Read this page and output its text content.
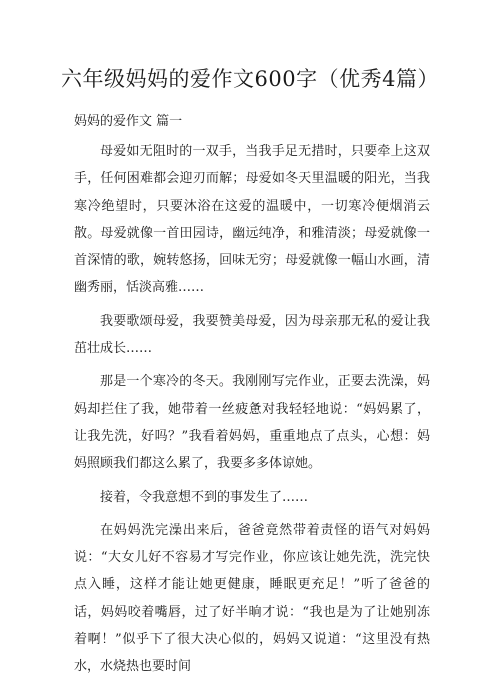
六年级妈妈的爱作文600字（优秀4篇）

妈妈的爱作文 篇一

母爱如无阻时的一双手，当我手足无措时，只要牵上这双手，任何困难都会迎刃而解；母爱如冬天里温暖的阳光，当我寒冷绝望时，只要沐浴在这爱的温暖中，一切寒冷便烟消云散。母爱就像一首田园诗，幽远纯净，和雅清淡；母爱就像一首深情的歌，婉转悠扬，回味无穷；母爱就像一幅山水画，清幽秀丽，恬淡高雅……

我要歌颂母爱，我要赞美母爱，因为母亲那无私的爱让我茁壮成长……

那是一个寒冷的冬天。我刚刚写完作业，正要去洗澡，妈妈却拦住了我，她带着一丝疲惫对我轻轻地说：“妈妈累了，让我先洗，好吗？”我看着妈妈，重重地点了点头，心想：妈妈照顾我们都这么累了，我要多多体谅她。

接着，令我意想不到的事发生了……

在妈妈洗完澡出来后，爸爸竟然带着责怪的语气对妈妈说：“大女儿好不容易才写完作业，你应该让她先洗，洗完快点入睡，这样才能让她更健康，睡眠更充足！”听了爸爸的话，妈妈咬着嘴唇，过了好半晌才说：“我也是为了让她别冻着啊！”似乎下了很大决心似的，妈妈又说道：“这里没有热水，水烧热也要时间
